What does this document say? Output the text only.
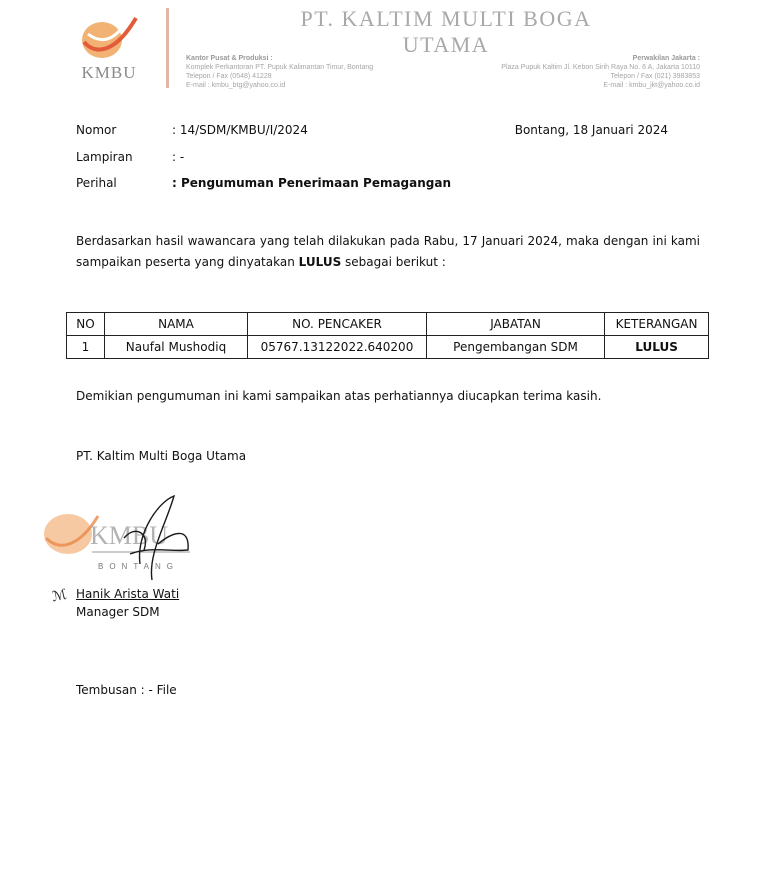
KMBU
PT. KALTIM MULTI BOGA UTAMA
Kantor Pusat & Produksi :
Komplek Perkantoran PT. Pupuk Kalimantan Timur, Bontang
Telepon / Fax (0548) 41228
E-mail : kmbu_btg@yahoo.co.id
Perwakilan Jakarta :
Plaza Pupuk Kaltim Jl. Kebon Sirih Raya No. 6 A, Jakarta 10110
Telepon / Fax (021) 3983853
E-mail : kmbu_jkt@yahoo.co.id
Nomor	: 14/SDM/KMBU/I/2024	Bontang, 18 Januari 2024
Lampiran	: -
Perihal	: Pengumuman Penerimaan Pemagangan
Berdasarkan hasil wawancara yang telah dilakukan pada Rabu, 17 Januari 2024, maka dengan ini kami
sampaikan peserta yang dinyatakan LULUS sebagai berikut :
NO	NAMA	NO. PENCAKER	JABATAN	KETERANGAN
1	Naufal Mushodiq	05767.13122022.640200	Pengembangan SDM	LULUS
Demikian pengumuman ini kami sampaikan atas perhatiannya diucapkan terima kasih.
PT. Kaltim Multi Boga Utama
KMBU
BONTANG
ℳ Hanik Arista Wati
Manager SDM
Tembusan : - File
